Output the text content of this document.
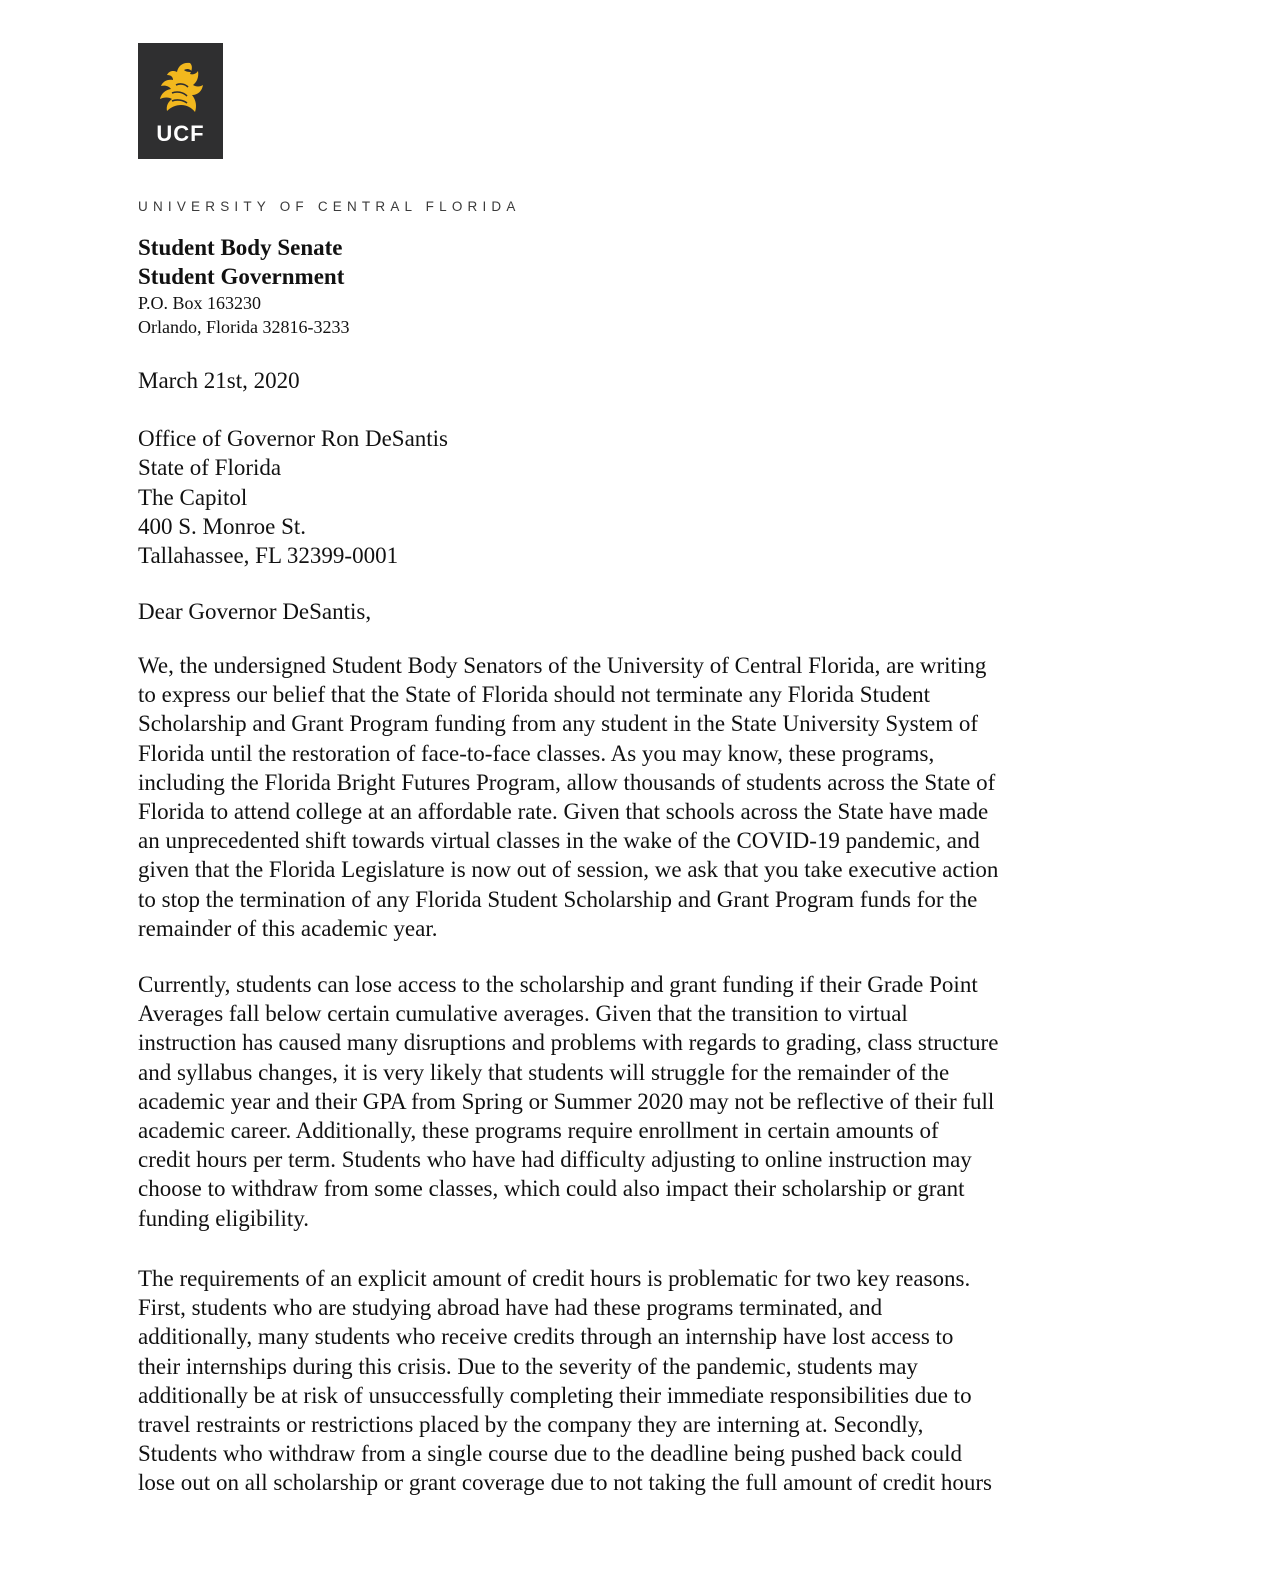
UCF
UNIVERSITY OF CENTRAL FLORIDA
Student Body Senate
Student Government
P.O. Box 163230
Orlando, Florida 32816-3233
March 21st, 2020
Office of Governor Ron DeSantis
State of Florida
The Capitol
400 S. Monroe St.
Tallahassee, FL 32399-0001
Dear Governor DeSantis,
We, the undersigned Student Body Senators of the University of Central Florida, are writing
to express our belief that the State of Florida should not terminate any Florida Student
Scholarship and Grant Program funding from any student in the State University System of
Florida until the restoration of face-to-face classes. As you may know, these programs,
including the Florida Bright Futures Program, allow thousands of students across the State of
Florida to attend college at an affordable rate. Given that schools across the State have made
an unprecedented shift towards virtual classes in the wake of the COVID-19 pandemic, and
given that the Florida Legislature is now out of session, we ask that you take executive action
to stop the termination of any Florida Student Scholarship and Grant Program funds for the
remainder of this academic year.
Currently, students can lose access to the scholarship and grant funding if their Grade Point
Averages fall below certain cumulative averages. Given that the transition to virtual
instruction has caused many disruptions and problems with regards to grading, class structure
and syllabus changes, it is very likely that students will struggle for the remainder of the
academic year and their GPA from Spring or Summer 2020 may not be reflective of their full
academic career. Additionally, these programs require enrollment in certain amounts of
credit hours per term. Students who have had difficulty adjusting to online instruction may
choose to withdraw from some classes, which could also impact their scholarship or grant
funding eligibility.
The requirements of an explicit amount of credit hours is problematic for two key reasons.
First, students who are studying abroad have had these programs terminated, and
additionally, many students who receive credits through an internship have lost access to
their internships during this crisis. Due to the severity of the pandemic, students may
additionally be at risk of unsuccessfully completing their immediate responsibilities due to
travel restraints or restrictions placed by the company they are interning at. Secondly,
Students who withdraw from a single course due to the deadline being pushed back could
lose out on all scholarship or grant coverage due to not taking the full amount of credit hours
